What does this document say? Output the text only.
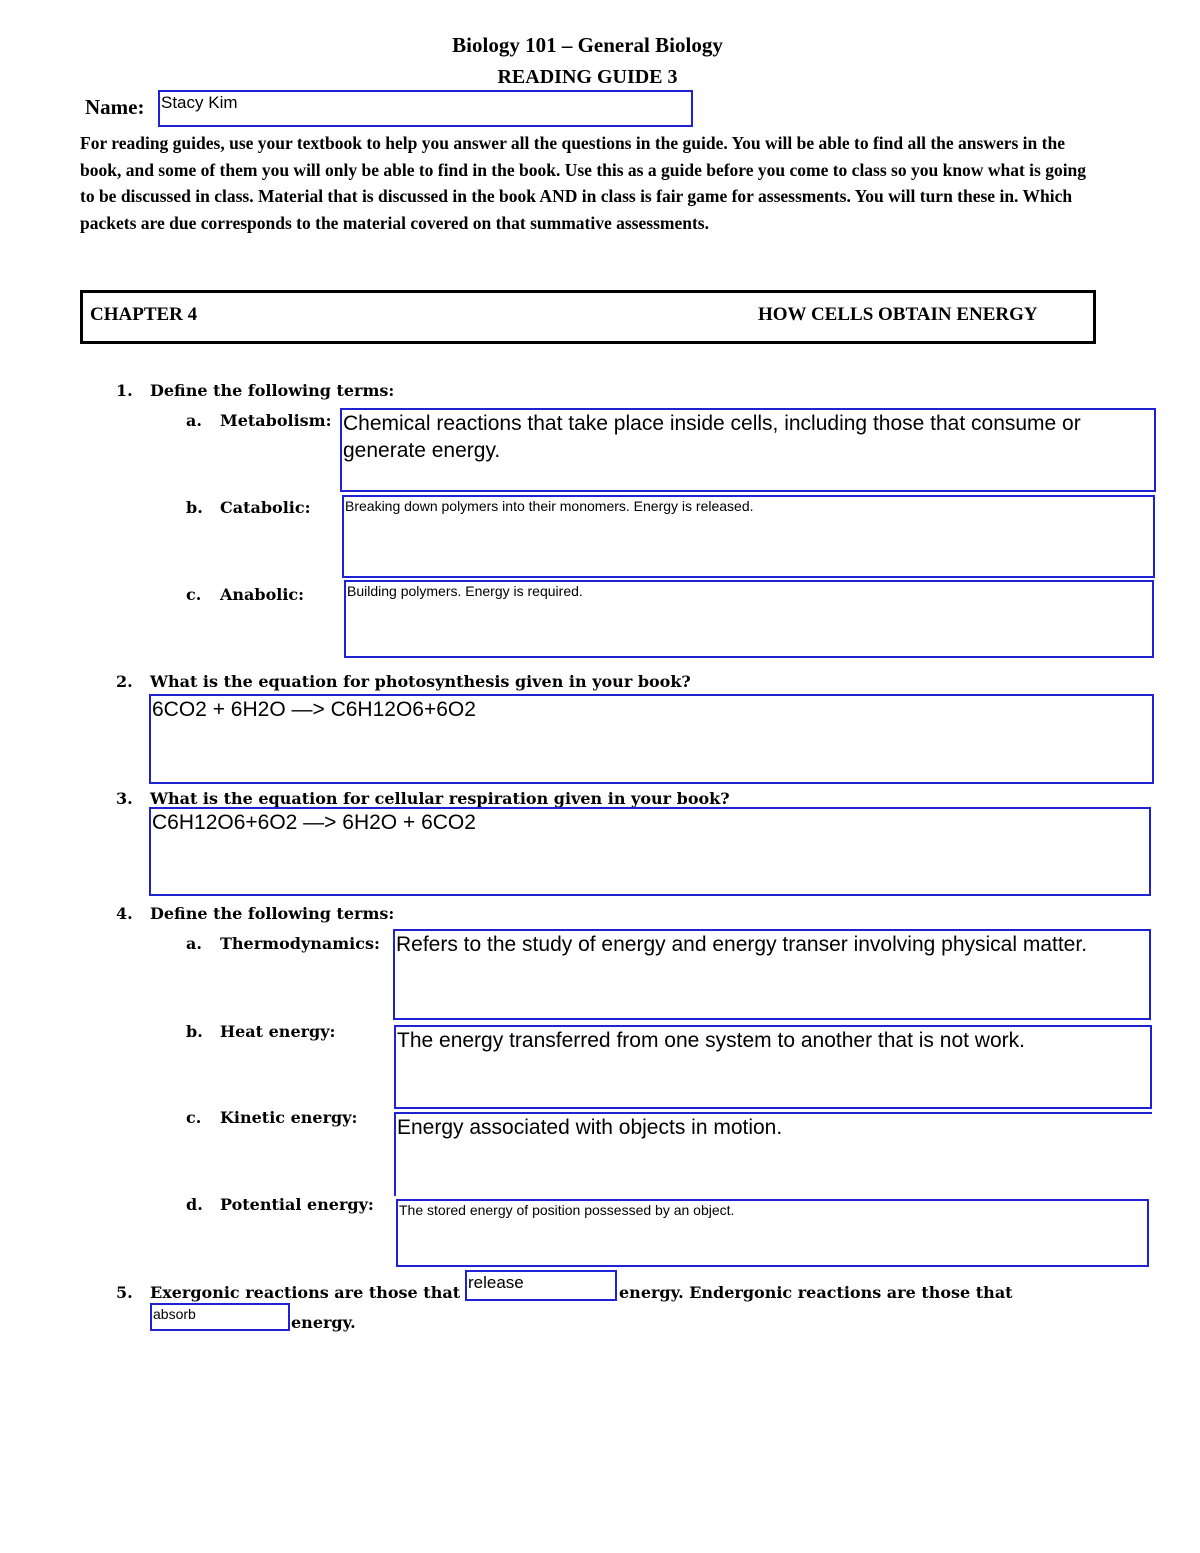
Biology 101 – General Biology
READING GUIDE 3
Name: Stacy Kim
For reading guides, use your textbook to help you answer all the questions in the guide. You will be able to find all the answers in the book, and some of them you will only be able to find in the book. Use this as a guide before you come to class so you know what is going to be discussed in class. Material that is discussed in the book AND in class is fair game for assessments. You will turn these in. Which packets are due corresponds to the material covered on that summative assessments.
CHAPTER 4	HOW CELLS OBTAIN ENERGY
1. Define the following terms:
a. Metabolism: Chemical reactions that take place inside cells, including those that consume or generate energy.
b. Catabolic: Breaking down polymers into their monomers. Energy is released.
c. Anabolic:	Building polymers. Energy is required.
2. What is the equation for photosynthesis given in your book?
6CO2 + 6H2O —> C6H12O6+6O2
3. What is the equation for cellular respiration given in your book?
C6H12O6+6O2 —> 6H2O + 6CO2
4. Define the following terms:
a. Thermodynamics: Refers to the study of energy and energy transer involving physical matter.
b. Heat energy:	The energy transferred from one system to another that is not work.
c. Kinetic energy: Energy associated with objects in motion.
d. Potential energy: The stored energy of position possessed by an object.
5. Exergonic reactions are those that
release
energy. Endergonic reactions are those that
absorb	energy.
